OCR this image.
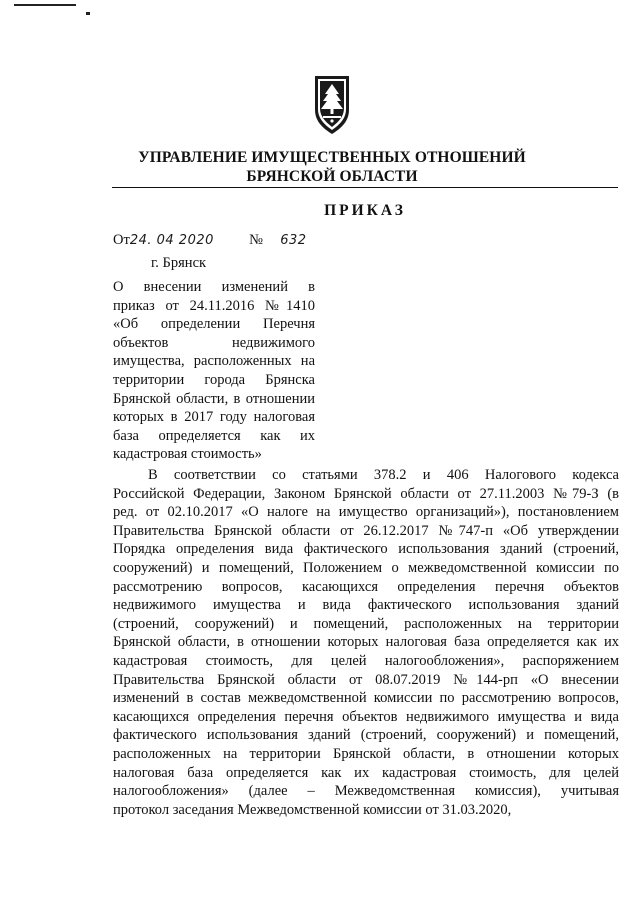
УПРАВЛЕНИЕ ИМУЩЕСТВЕННЫХ ОТНОШЕНИЙ
БРЯНСКОЙ ОБЛАСТИ
ПРИКАЗ
От24. 04 2020 № 632
г. Брянск
О внесении изменений в
приказ от 24.11.2016 №1410
«Об определении Перечня
объектов недвижимого
имущества, расположенных на
территории города Брянска
Брянской области, в отношении
которых в 2017 году налоговая
база определяется как их
кадастровая стоимость»
В соответствии со статьями 378.2 и 406 Налогового кодекса
Российской Федерации, Законом Брянской области от 27.11.2003 №79-З (в
ред. от 02.10.2017 «О налоге на имущество организаций»), постановлением
Правительства Брянской области от 26.12.2017 №747-п «Об утверждении
Порядка определения вида фактического использования зданий (строений,
сооружений) и помещений, Положением о межведомственной комиссии по
рассмотрению вопросов, касающихся определения перечня объектов
недвижимого имущества и вида фактического использования зданий
(строений, сооружений) и помещений, расположенных на территории
Брянской области, в отношении которых налоговая база определяется как их
кадастровая стоимость, для целей налогообложения», распоряжением
Правительства Брянской области от 08.07.2019 №144-рп «О внесении
изменений в состав межведомственной комиссии по рассмотрению вопросов,
касающихся определения перечня объектов недвижимого имущества и вида
фактического использования зданий (строений, сооружений) и помещений,
расположенных на территории Брянской области, в отношении которых
налоговая база определяется как их кадастровая стоимость, для целей
налогообложения» (далее – Межведомственная комиссия), учитывая
протокол заседания Межведомственной комиссии от 31.03.2020,
